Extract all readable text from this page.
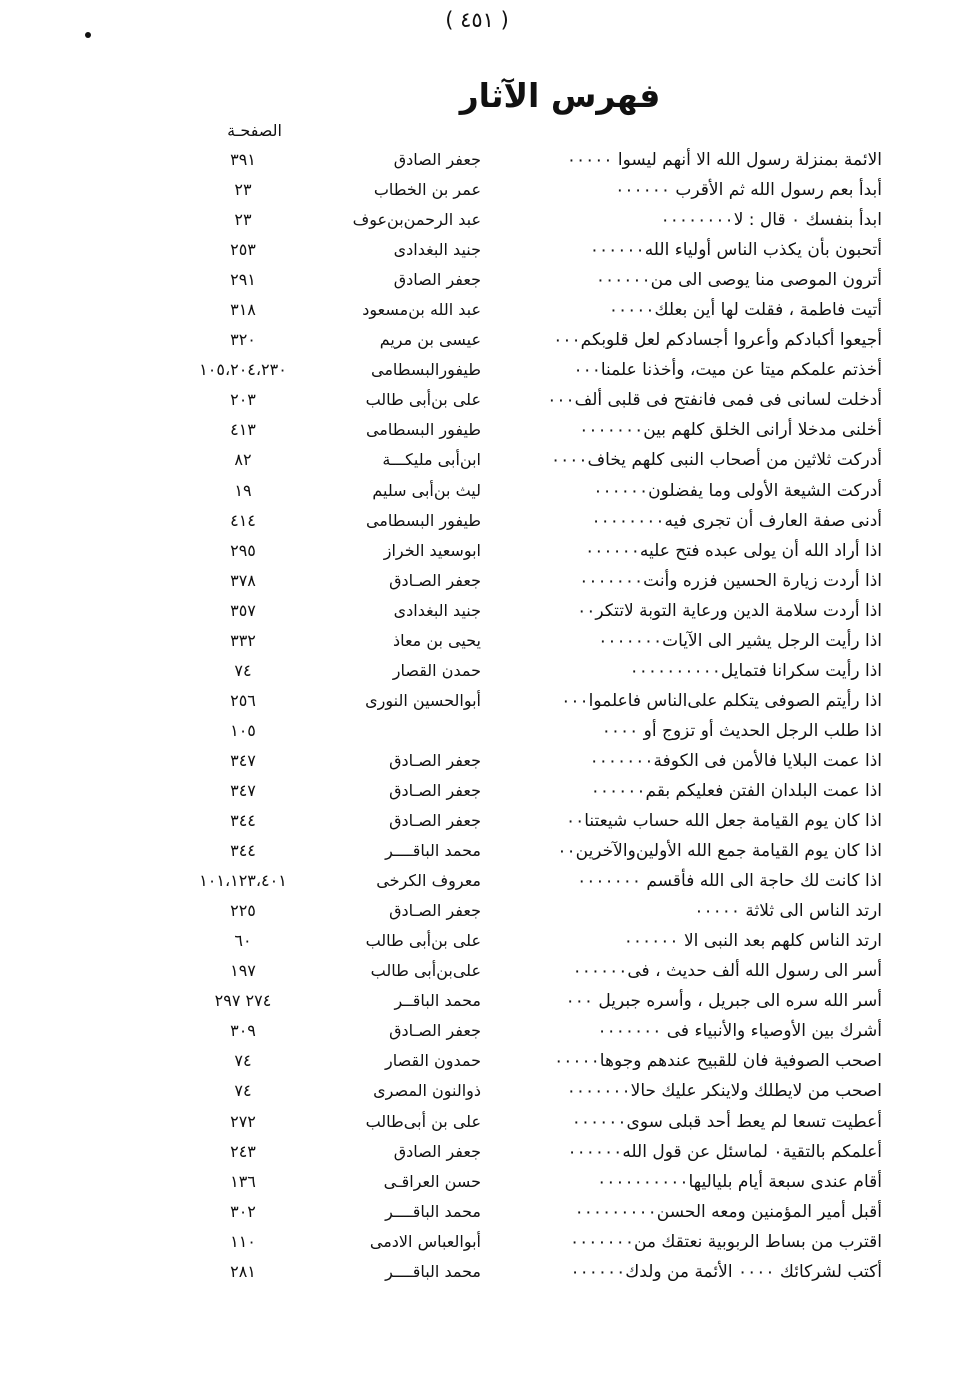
( ٤٥١ )
فهرس الآثار
الصفحـة
الائمة بمنزلة رسول الله الا أنهم ليسوا ٠٠٠٠٠
جعفر الصادق
٣٩١
أبدأ بعم رسول الله ثم الأقرب ٠٠٠٠٠٠
عمر بن الخطاب
٢٣
ابدأ بنفسك ٠ قال : لا٠٠٠٠٠٠٠٠
عبد الرحمن‌بن‌عوف
٢٣
أتحبون بأن يكذب الناس أولياء الله٠٠٠٠٠٠
جنيد البغدادى
٢٥٣
أترون الموصى منا يوصى الى من٠٠٠٠٠٠
جعفر الصادق
٢٩١
أتيت فاطمة ، فقلت لها أين بعلك٠٠٠٠٠
عبد الله بن‌مسعود
٣١٨
أجيعوا أكبادكم وأعروا أجسادكم لعل قلوبكم٠٠٠
عيسى بن مريم
٣٢٠
أخذتم علمكم ميتا عن ميت، وأخذنا علمنا٠٠٠
طيفورالبسطامى
١٠٥،٢٠٤،٢٣٠
أدخلت لسانى فى فمى فانفتح فى قلبى ألف٠٠٠
على بن‌أبى طالب
٢٠٣
أخلنى مدخلا أرانى الخلق كلهم بين٠٠٠٠٠٠٠
طيفور البسطامى
٤١٣
أدركت ثلاثين من أصحاب النبى كلهم يخاف٠٠٠٠
ابن‌أبى مليكـــة
٨٢
أدركت الشيعة الأولى وما يفضلون٠٠٠٠٠٠
ليث بن‌أبى سليم
١٩
أدنى صفة العارف أن تجرى فيه٠٠٠٠٠٠٠٠
طيفور البسطامى
٤١٤
اذا أراد الله أن يولى عبده فتح عليه٠٠٠٠٠٠
ابوسعيد الخراز
٢٩٥
اذا أردت زيارة الحسين فزره وأنت٠٠٠٠٠٠٠
جعفر الصـادق
٣٧٨
اذا أردت سلامة الدين ورعاية التوبة لاتتكر٠٠
جنيد البغدادى
٣٥٧
اذا رأيت الرجل يشير الى الآيات٠٠٠٠٠٠٠
يحيى بن معاذ
٣٣٢
اذا رأيت سكرانا فتمايل٠٠٠٠٠٠٠٠٠٠
حمدن القصار
٧٤
اذا رأيتم الصوفى يتكلم على‌الناس فاعلموا٠٠٠
أبوالحسين النورى
٢٥٦
اذا طلب الرجل الحديث أو تزوج أو ٠٠٠٠
١٠٥
اذا عمت البلايا فالأمن فى الكوفة٠٠٠٠٠٠٠
جعفر الصـادق
٣٤٧
اذا عمت البلدان الفتن فعليكم بقم٠٠٠٠٠٠
جعفر الصـادق
٣٤٧
اذا كان يوم القيامة جعل الله حساب شيعتنا٠٠
جعفر الصـادق
٣٤٤
اذا كان يوم القيامة جمع الله الأولين‌والآخرين٠٠
محمد الباقــــر
٣٤٤
اذا كانت لك حاجة الى الله فأقسم ٠٠٠٠٠٠٠
معروف الكرخى
١٠١،١٢٣،٤٠١
ارتد الناس الى ثلاثة ٠٠٠٠٠
جعفر الصـادق
٢٢٥
ارتد الناس كلهم بعد النبى الا ٠٠٠٠٠٠
على بن‌أبى طالب
٦٠
أسر الى رسول الله ألف حديث ، فى٠٠٠٠٠٠
على‌بن‌أبى طالب
١٩٧
أسر الله سره الى جبريل ، وأسره جبريل ٠٠٠
محمد الباقــر
٢٧٤ ٢٩٧
أشرك بين الأوصياء والأنبياء فى ٠٠٠٠٠٠٠
جعفر الصـادق
٣٠٩
اصحب الصوفية فان للقبيح عندهم وجوها٠٠٠٠٠
حمدون القصار
٧٤
اصحب من لايطلك ولاينكر عليك حالا٠٠٠٠٠٠٠
ذوالنون المصرى
٧٤
أعطيت تسعا لم يعط أحد قبلى سوى٠٠٠٠٠٠
على بن أبى‌طالب
٢٧٢
أعلمكم بالتقية٠ لماسئل عن قول الله٠٠٠٠٠٠
جعفر الصادق
٢٤٣
أقام عندى سبعة أيام بلياليها٠٠٠٠٠٠٠٠٠٠
حسن العراقـى
١٣٦
أقبل أمير المؤمنين ومعه الحسن٠٠٠٠٠٠٠٠٠
محمد الباقــــر
٣٠٢
اقترب من بساط الربوبية نعتقك من٠٠٠٠٠٠٠
أبوالعباس الادمى
١١٠
أكتب لشركائك ٠٠٠٠ الأئمة من ولدك٠٠٠٠٠٠
محمد الباقــــر
٢٨١
